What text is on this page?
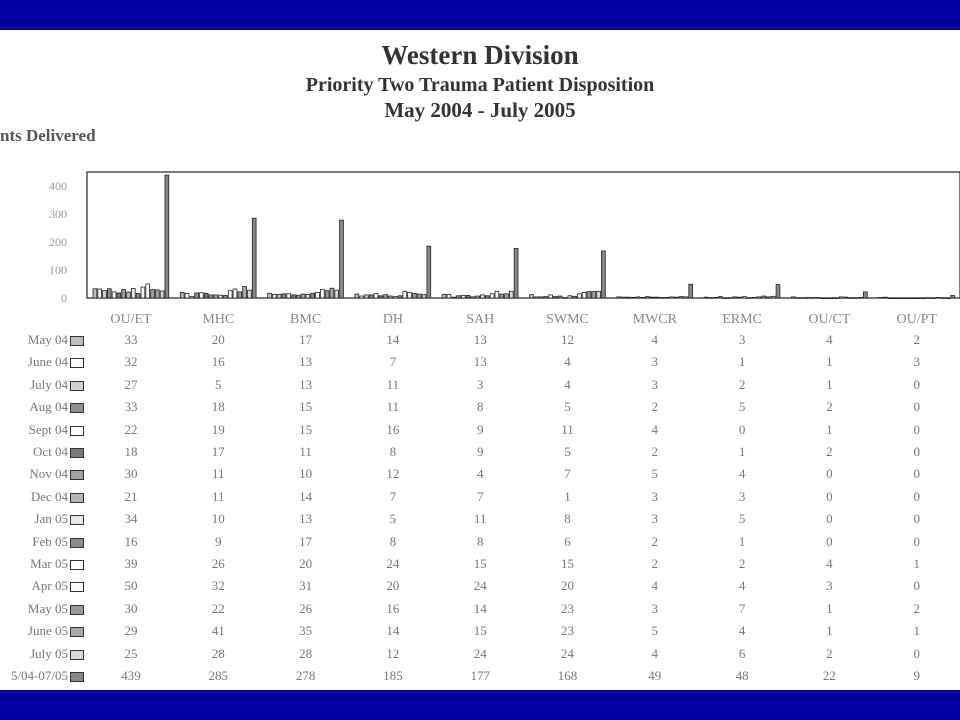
Western Division
Priority Two Trauma Patient Disposition
May 2004 - July 2005
nts Delivered
400
300
200
100
0
OU/ET	MHC	BMC	DH	SAH	SWMC	MWCR	ERMC	OU/CT	OU/PT
May 04	33	20	17	14	13	12	4	3	4	2
June 04	32	16	13	7	13	4	3	1	1	3
July 04	27	5	13	11	3	4	3	2	1	0
Aug 04	33	18	15	11	8	5	2	5	2	0
Sept 04	22	19	15	16	9	11	4	0	1	0
Oct 04	18	17	11	8	9	5	2	1	2	0
Nov 04	30	11	10	12	4	7	5	4	0	0
Dec 04	21	11	14	7	7	1	3	3	0	0
Jan 05	34	10	13	5	11	8	3	5	0	0
Feb 05	16	9	17	8	8	6	2	1	0	0
Mar 05	39	26	20	24	15	15	2	2	4	1
Apr 05	50	32	31	20	24	20	4	4	3	0
May 05	30	22	26	16	14	23	3	7	1	2
June 05	29	41	35	14	15	23	5	4	1	1
July 05	25	28	28	12	24	24	4	6	2	0
5/04-07/05	439	285	278	185	177	168	49	48	22	9
